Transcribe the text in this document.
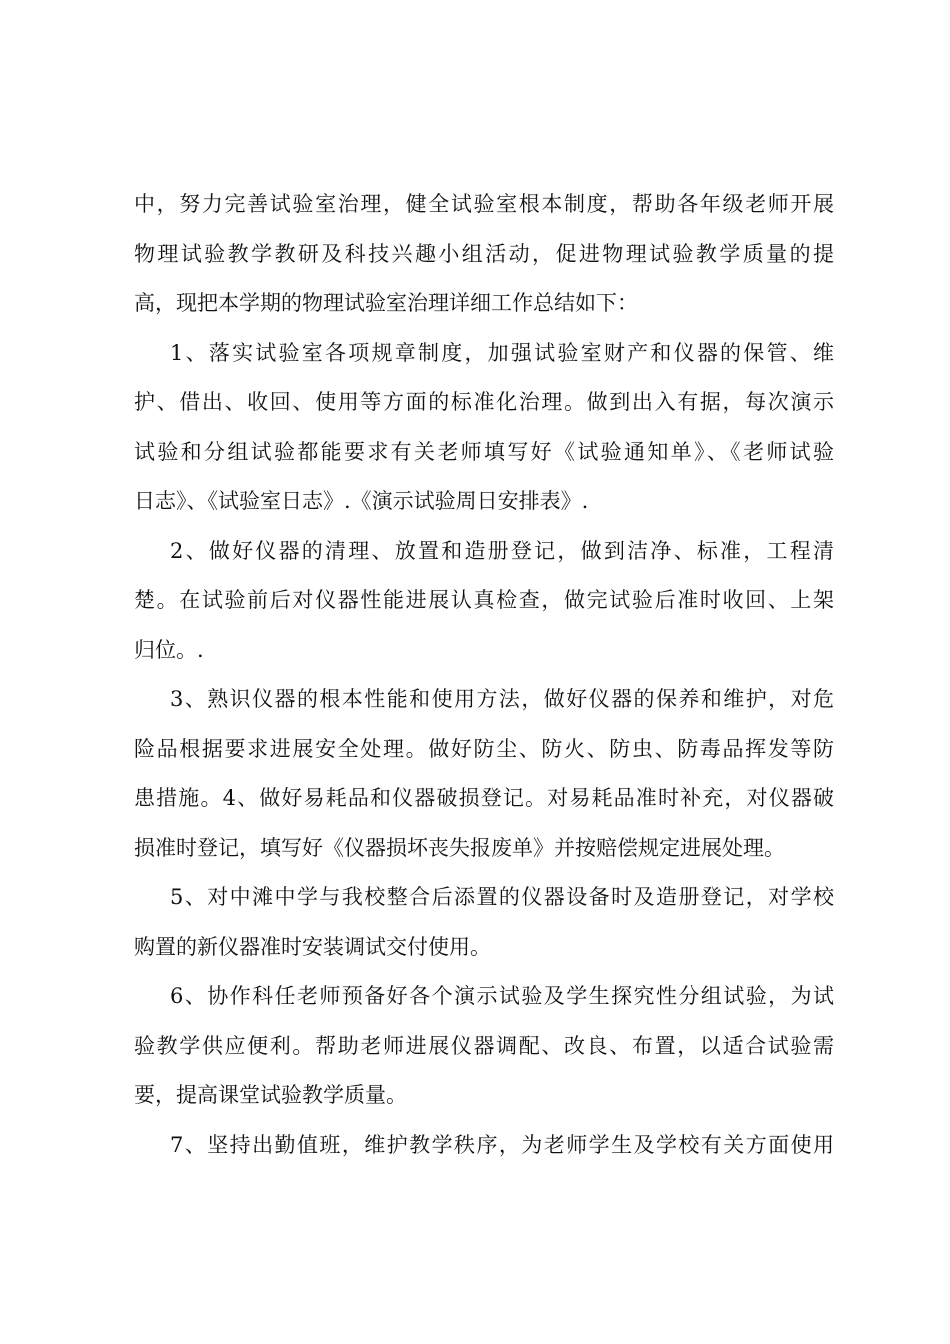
中，努力完善试验室治理，健全试验室根本制度，帮助各年级老师开展
物理试验教学教研及科技兴趣小组活动，促进物理试验教学质量的提
高，现把本学期的物理试验室治理详细工作总结如下：
1、落实试验室各项规章制度，加强试验室财产和仪器的保管、维
护、借出、收回、使用等方面的标准化治理。做到出入有据，每次演示
试验和分组试验都能要求有关老师填写好《试验通知单》、《老师试验
日志》、《试验室日志》.《演示试验周日安排表》.
2、做好仪器的清理、放置和造册登记，做到洁净、标准，工程清
楚。在试验前后对仪器性能进展认真检查，做完试验后准时收回、上架
归位。.
3、熟识仪器的根本性能和使用方法，做好仪器的保养和维护，对危
险品根据要求进展安全处理。做好防尘、防火、防虫、防毒品挥发等防
患措施。4、做好易耗品和仪器破损登记。对易耗品准时补充，对仪器破
损准时登记，填写好《仪器损坏丧失报废单》并按赔偿规定进展处理。
5、对中滩中学与我校整合后添置的仪器设备时及造册登记，对学校
购置的新仪器准时安装调试交付使用。
6、协作科任老师预备好各个演示试验及学生探究性分组试验，为试
验教学供应便利。帮助老师进展仪器调配、改良、布置，以适合试验需
要，提高课堂试验教学质量。
7、坚持出勤值班，维护教学秩序，为老师学生及学校有关方面使用
